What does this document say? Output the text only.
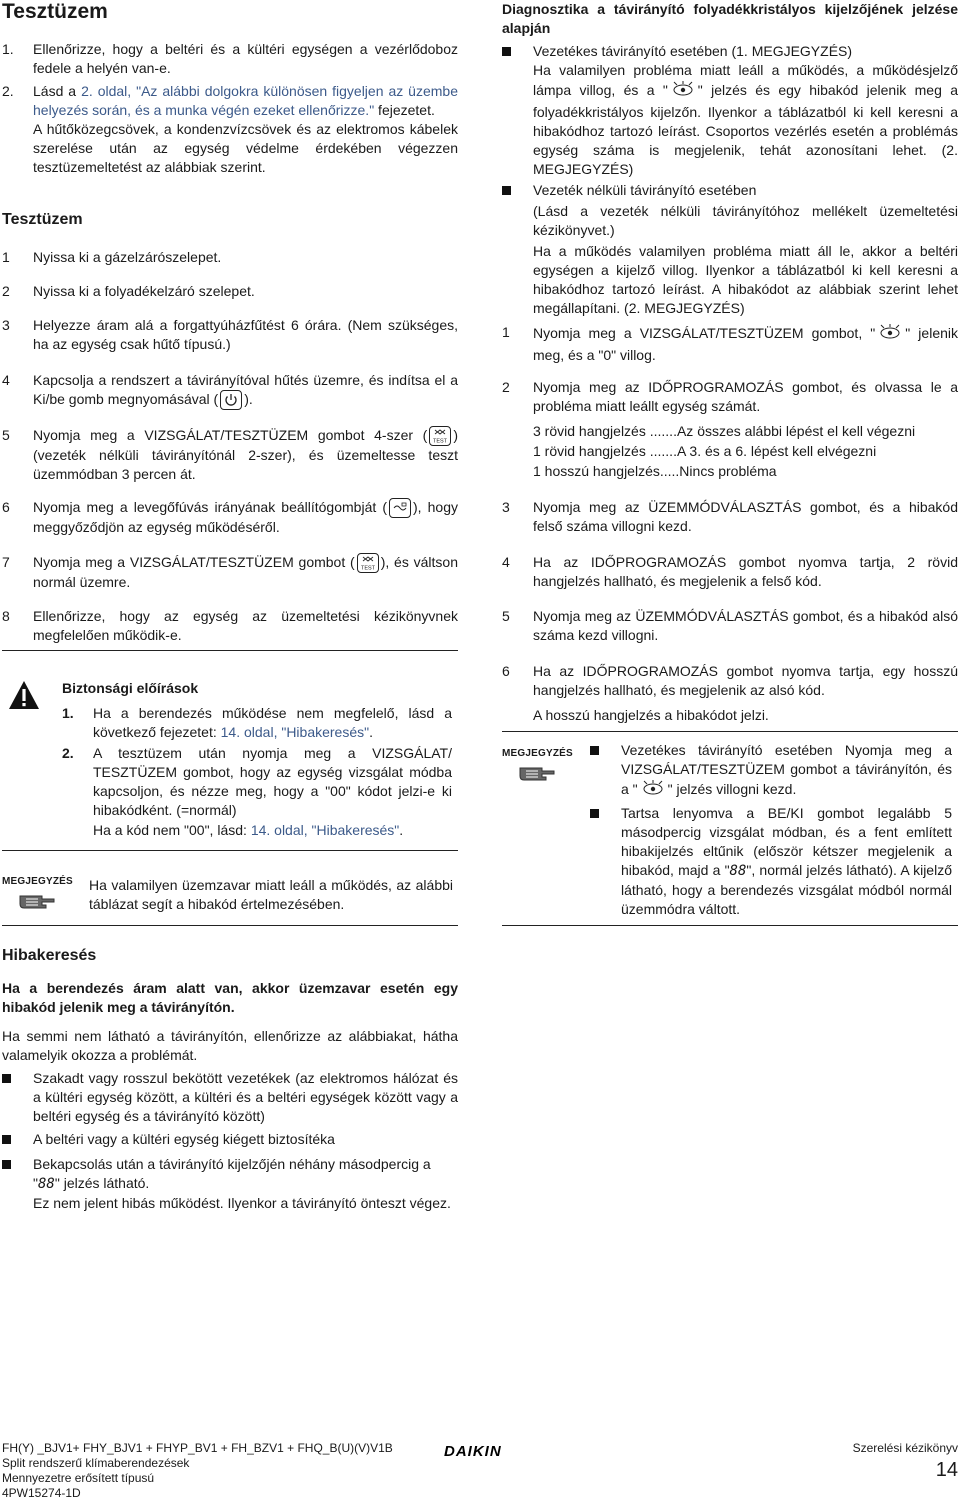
Tesztüzem
1.	Ellenőrizze, hogy a beltéri és a kültéri egységen a vezérlődoboz fedele a helyén van-e.
2.	Lásd a 2. oldal, "Az alábbi dolgokra különösen figyeljen az üzembe helyezés során, és a munka végén ezeket ellenőrizze." fejezetet.
A hűtőközegcsövek, a kondenzvízcsövek és az elektromos kábelek szerelése után az egység védelme érdekében végezzen tesztüzemeltetést az alábbiak szerint.
Tesztüzem
1	Nyissa ki a gázelzárószelepet.
2	Nyissa ki a folyadékelzáró szelepet.
3	Helyezze áram alá a forgattyúházfűtést 6 órára. (Nem szükséges, ha az egység csak hűtő típusú.)
4	Kapcsolja a rendszert a távirányítóval hűtés üzemre, és indítsa el a Ki/be gomb megnyomásával ( ).
5	Nyomja meg a VIZSGÁLAT/TESZTÜZEM gombot 4-szer ( TEST ) (vezeték nélküli távirányítónál 2-szer), és üzemeltesse teszt üzemmódban 3 percen át.
6	Nyomja meg a levegőfúvás irányának beállítógombját ( ), hogy meggyőződjön az egység működéséről.
7	Nyomja meg a VIZSGÁLAT/TESZTÜZEM gombot ( TEST ), és váltson normál üzemre.
8	Ellenőrizze, hogy az egység az üzemeltetési kézikönyvnek megfelelően működik-e.
Biztonsági előírások
1.	Ha a berendezés működése nem megfelelő, lásd a következő fejezetet: 14. oldal, "Hibakeresés".
2.	A tesztüzem után nyomja meg a VIZSGÁLAT/ TESZTÜZEM gombot, hogy az egység vizsgálat módba kapcsoljon, és nézze meg, hogy a "00" kódot jelzi-e ki hibakódként. (=normál)
Ha a kód nem "00", lásd: 14. oldal, "Hibakeresés".
MEGJEGYZÉS Ha valamilyen üzemzavar miatt leáll a működés, az alábbi táblázat segít a hibakód értelmezésében.
Hibakeresés
Ha a berendezés áram alatt van, akkor üzemzavar esetén egy hibakód jelenik meg a távirányítón.
Ha semmi nem látható a távirányítón, ellenőrizze az alábbiakat, hátha valamelyik okozza a problémát.
Szakadt vagy rosszul bekötött vezetékek (az elektromos hálózat és a kültéri egység között, a kültéri és a beltéri egységek között vagy a beltéri egység és a távirányító között)
A beltéri vagy a kültéri egység kiégett biztosítéka
Bekapcsolás után a távirányító kijelzőjén néhány másodpercig a "88" jelzés látható.
Ez nem jelent hibás működést. Ilyenkor a távirányító önteszt végez.
Diagnosztika a távirányító folyadékkristályos kijelzőjének jelzése alapján
Vezetékes távirányító esetében (1. MEGJEGYZÉS)
Ha valamilyen probléma miatt leáll a működés, a működésjelző lámpa villog, és a " " jelzés és egy hibakód jelenik meg a folyadékkristályos kijelzőn. Ilyenkor a táblázatból ki kell keresni a hibakódhoz tartozó leírást. Csoportos vezérlés esetén a problémás egység száma is megjelenik, tehát azonosítani lehet. (2. MEGJEGYZÉS)
Vezeték nélküli távirányító esetében
(Lásd a vezeték nélküli távirányítóhoz mellékelt üzemeltetési kézikönyvet.)
Ha a működés valamilyen probléma miatt áll le, akkor a beltéri egységen a kijelző villog. Ilyenkor a táblázatból ki kell keresni a hibakódhoz tartozó leírást. A hibakódot az alábbiak szerint lehet megállapítani. (2. MEGJEGYZÉS)
1	Nyomja meg a VIZSGÁLAT/TESZTÜZEM gombot, " " jelenik meg, és a "0" villog.
2	Nyomja meg az IDŐPROGRAMOZÁS gombot, és olvassa le a probléma miatt leállt egység számát.
3 rövid hangjelzés .......Az összes alábbi lépést el kell végezni
1 rövid hangjelzés .......A 3. és a 6. lépést kell elvégezni
1 hosszú hangjelzés.....Nincs probléma
3	Nyomja meg az ÜZEMMÓDVÁLASZTÁS gombot, és a hibakód felső száma villogni kezd.
4	Ha az IDŐPROGRAMOZÁS gombot nyomva tartja, 2 rövid hangjelzés hallható, és megjelenik a felső kód.
5	Nyomja meg az ÜZEMMÓDVÁLASZTÁS gombot, és a hibakód alsó száma kezd villogni.
6	Ha az IDŐPROGRAMOZÁS gombot nyomva tartja, egy hosszú hangjelzés hallható, és megjelenik az alsó kód.
A hosszú hangjelzés a hibakódot jelzi.
MEGJEGYZÉS	Vezetékes távirányító esetében Nyomja meg a VIZSGÁLAT/TESZTÜZEM gombot a távirányítón, és a " " jelzés villogni kezd.
Tartsa lenyomva a BE/KI gombot legalább 5 másodpercig vizsgálat módban, és a fent említett hibakijelzés eltűnik (először kétszer megjelenik a hibakód, majd a "88", normál jelzés látható). A kijelző látható, hogy a berendezés vizsgálat módból normál üzemmódra váltott.
FH(Y) _BJV1+ FHY_BJV1 + FHYP_BV1 + FH_BZV1 + FHQ_B(U)(V)V1B
Split rendszerű klímaberendezések
Mennyezetre erősített típusú
4PW15274-1D
DAIKIN	Szerelési kézikönyv
14
